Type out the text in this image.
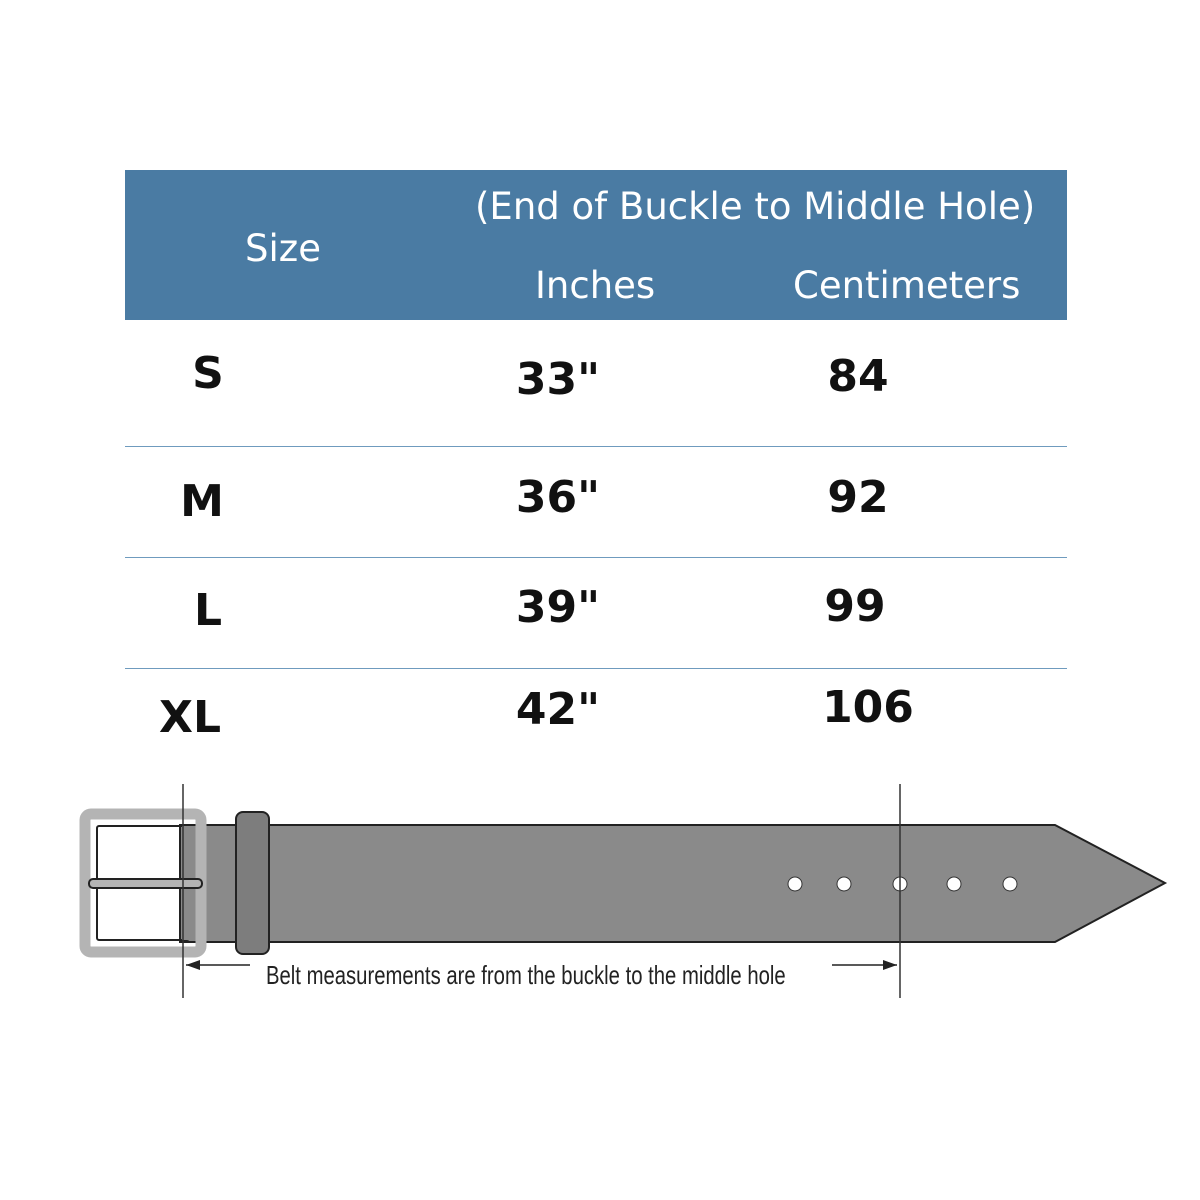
Size
(End of Buckle to Middle Hole)
Inches	Centimeters
S	33"	84
M	36"	92
L	39"	99
XL	42"	106
Belt measurements are from the buckle to the middle hole
